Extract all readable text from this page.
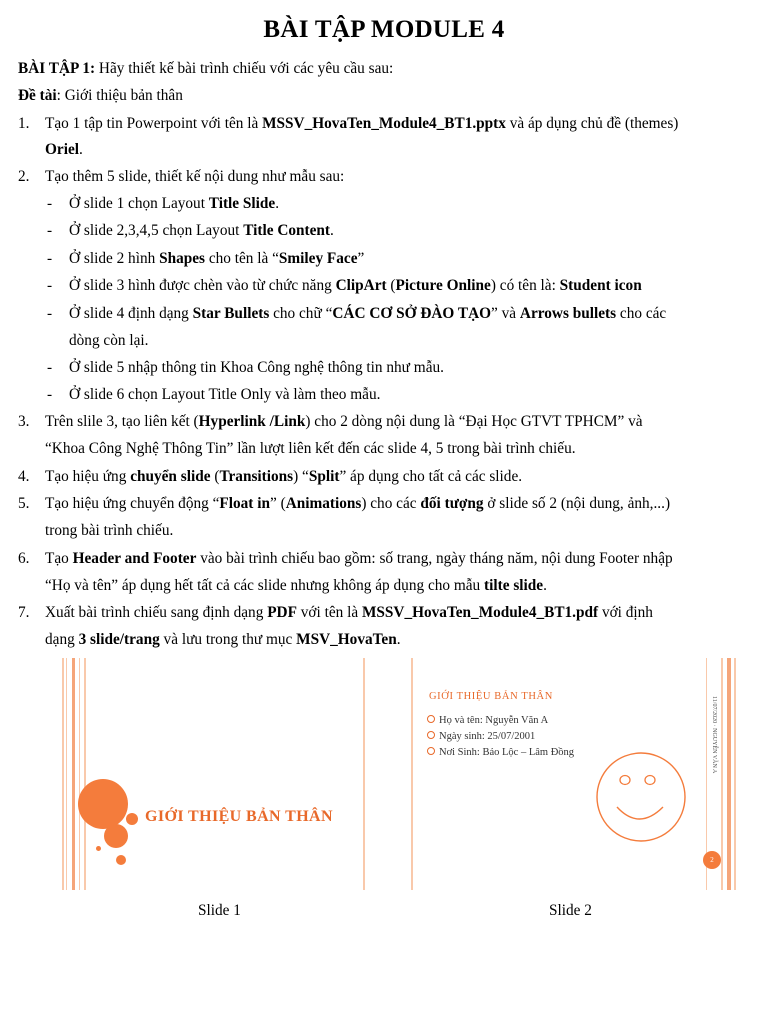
BÀI TẬP MODULE 4
BÀI TẬP 1: Hãy thiết kế bài trình chiếu với các yêu cầu sau:
Đề tài: Giới thiệu bản thân
1. Tạo 1 tập tin Powerpoint với tên là MSSV_HovaTen_Module4_BT1.pptx và áp dụng chủ đề (themes)
Oriel.
2. Tạo thêm 5 slide, thiết kế nội dung như mẫu sau:
- Ở slide 1 chọn Layout Title Slide.
- Ở slide 2,3,4,5 chọn Layout Title Content.
- Ở slide 2 hình Shapes cho tên là “Smiley Face”
- Ở slide 3 hình được chèn vào từ chức năng ClipArt (Picture Online) có tên là: Student icon
- Ở slide 4 định dạng Star Bullets cho chữ “CÁC CƠ SỞ ĐÀO TẠO” và Arrows bullets cho các
dòng còn lại.
- Ở slide 5 nhập thông tin Khoa Công nghệ thông tin như mẫu.
- Ở slide 6 chọn Layout Title Only và làm theo mẫu.
3. Trên slile 3, tạo liên kết (Hyperlink /Link) cho 2 dòng nội dung là “Đại Học GTVT TPHCM” và
“Khoa Công Nghệ Thông Tin” lần lượt liên kết đến các slide 4, 5 trong bài trình chiếu.
4. Tạo hiệu ứng chuyển slide (Transitions) “Split” áp dụng cho tất cả các slide.
5. Tạo hiệu ứng chuyển động “Float in” (Animations) cho các đối tượng ở slide số 2 (nội dung, ảnh,...)
trong bài trình chiếu.
6. Tạo Header and Footer vào bài trình chiếu bao gồm: số trang, ngày tháng năm, nội dung Footer nhập
“Họ và tên” áp dụng hết tất cả các slide nhưng không áp dụng cho mẫu tilte slide.
7. Xuất bài trình chiếu sang định dạng PDF với tên là MSSV_HovaTen_Module4_BT1.pdf với định
dạng 3 slide/trang và lưu trong thư mục MSV_HovaTen.
GIỚI THIỆU BẢN THÂN
GIỚI THIỆU BẢN THÂN
Họ và tên: Nguyễn Văn A
Ngày sinh: 25/07/2001
Nơi Sinh: Bảo Lộc – Lâm Đồng	11/07/2020 · NGUYỄN VĂN A
2
Slide 1	Slide 2
